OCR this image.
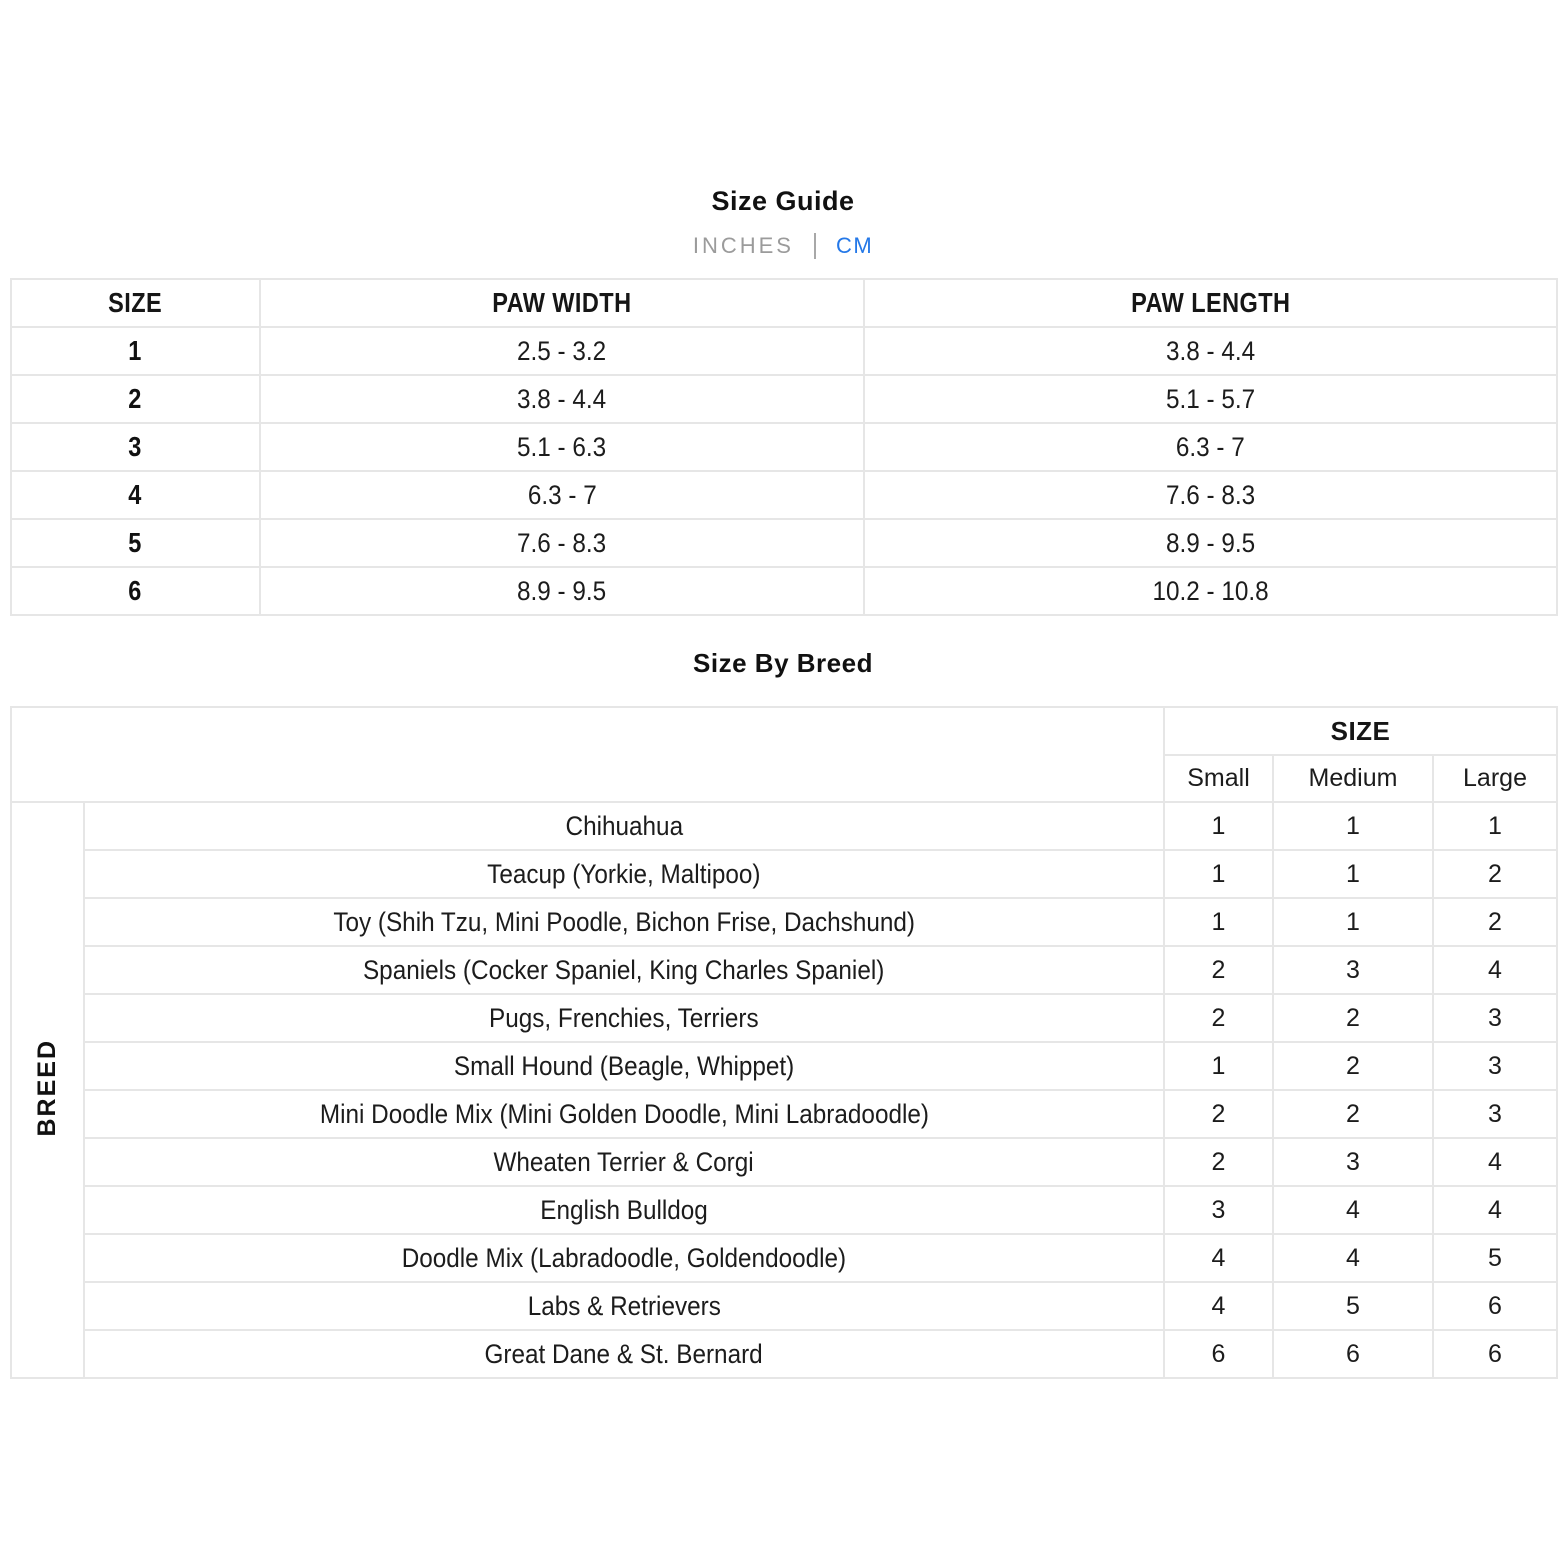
Size Guide
INCHES CM
SIZE	PAW WIDTH	PAW LENGTH
1	2.5 - 3.2	3.8 - 4.4
2	3.8 - 4.4	5.1 - 5.7
3	5.1 - 6.3	6.3 - 7
4	6.3 - 7	7.6 - 8.3
5	7.6 - 8.3	8.9 - 9.5
6	8.9 - 9.5	10.2 - 10.8
Size By Breed
		SIZE		
		Small	Medium	Large
BREED	Chihuahua	1	1	1
	Teacup (Yorkie, Maltipoo)	1	1	2
	Toy (Shih Tzu, Mini Poodle, Bichon Frise, Dachshund)	1	1	2
	Spaniels (Cocker Spaniel, King Charles Spaniel)	2	3	4
	Pugs, Frenchies, Terriers	2	2	3
	Small Hound (Beagle, Whippet)	1	2	3
	Mini Doodle Mix (Mini Golden Doodle, Mini Labradoodle)	2	2	3
	Wheaten Terrier & Corgi	2	3	4
	English Bulldog	3	4	4
	Doodle Mix (Labradoodle, Goldendoodle)	4	4	5
	Labs & Retrievers	4	5	6
	Great Dane & St. Bernard	6	6	6
